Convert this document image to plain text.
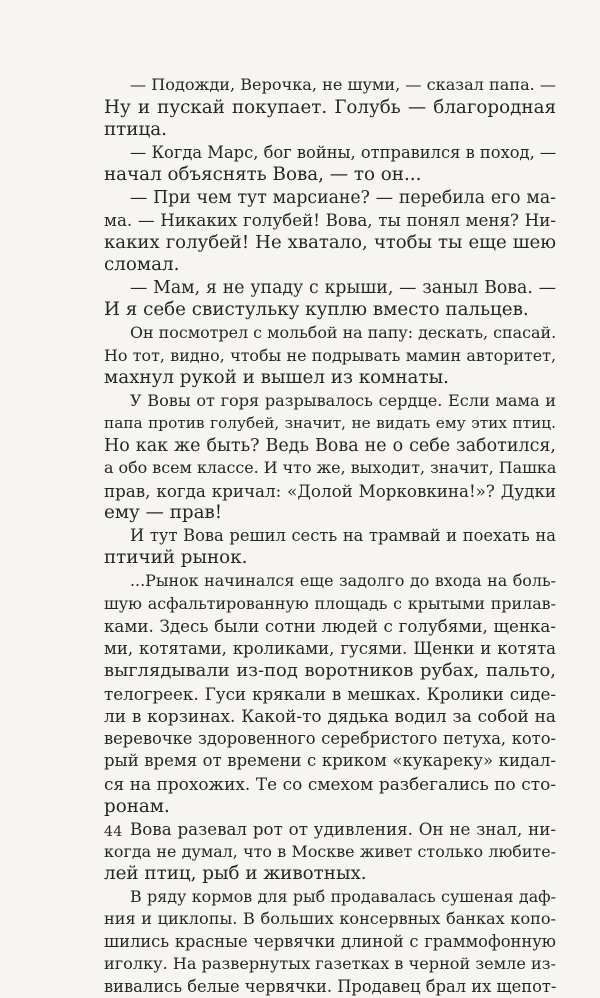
— Подожди, Верочка, не шуми, — сказал папа. —
Ну и пускай покупает. Голубь — благородная
птица.
— Когда Марс, бог войны, отправился в поход, —
начал объяснять Вова, — то он...
— При чем тут марсиане? — перебила его ма-
ма. — Никаких голубей! Вова, ты понял меня? Ни-
каких голубей! Не хватало, чтобы ты еще шею
сломал.
— Мам, я не упаду с крыши, — заныл Вова. —
И я себе свистульку куплю вместо пальцев.
Он посмотрел с мольбой на папу: дескать, спасай.
Но тот, видно, чтобы не подрывать мамин авторитет,
махнул рукой и вышел из комнаты.
У Вовы от горя разрывалось сердце. Если мама и
папа против голубей, значит, не видать ему этих птиц.
Но как же быть? Ведь Вова не о себе заботился,
а обо всем классе. И что же, выходит, значит, Пашка
прав, когда кричал: «Долой Морковкина!»? Дудки
ему — прав!
И тут Вова решил сесть на трамвай и поехать на
птичий рынок.
...Рынок начинался еще задолго до входа на боль-
шую асфальтированную площадь с крытыми прилав-
ками. Здесь были сотни людей с голубями, щенка-
ми, котятами, кроликами, гусями. Щенки и котята
выглядывали из-под воротников рубах, пальто,
телогреек. Гуси крякали в мешках. Кролики сиде-
ли в корзинах. Какой-то дядька водил за собой на
веревочке здоровенного серебристого петуха, кото-
рый время от времени с криком «кукареку» кидал-
ся на прохожих. Те со смехом разбегались по сто-
ронам.
Вова разевал рот от удивления. Он не знал, ни-
когда не думал, что в Москве живет столько любите-
лей птиц, рыб и животных.
В ряду кормов для рыб продавалась сушеная даф-
ния и циклопы. В больших консервных банках копо-
шились красные червячки длиной с граммофонную
иголку. На развернутых газетках в черной земле из-
вивались белые червячки. Продавец брал их щепот-
44
